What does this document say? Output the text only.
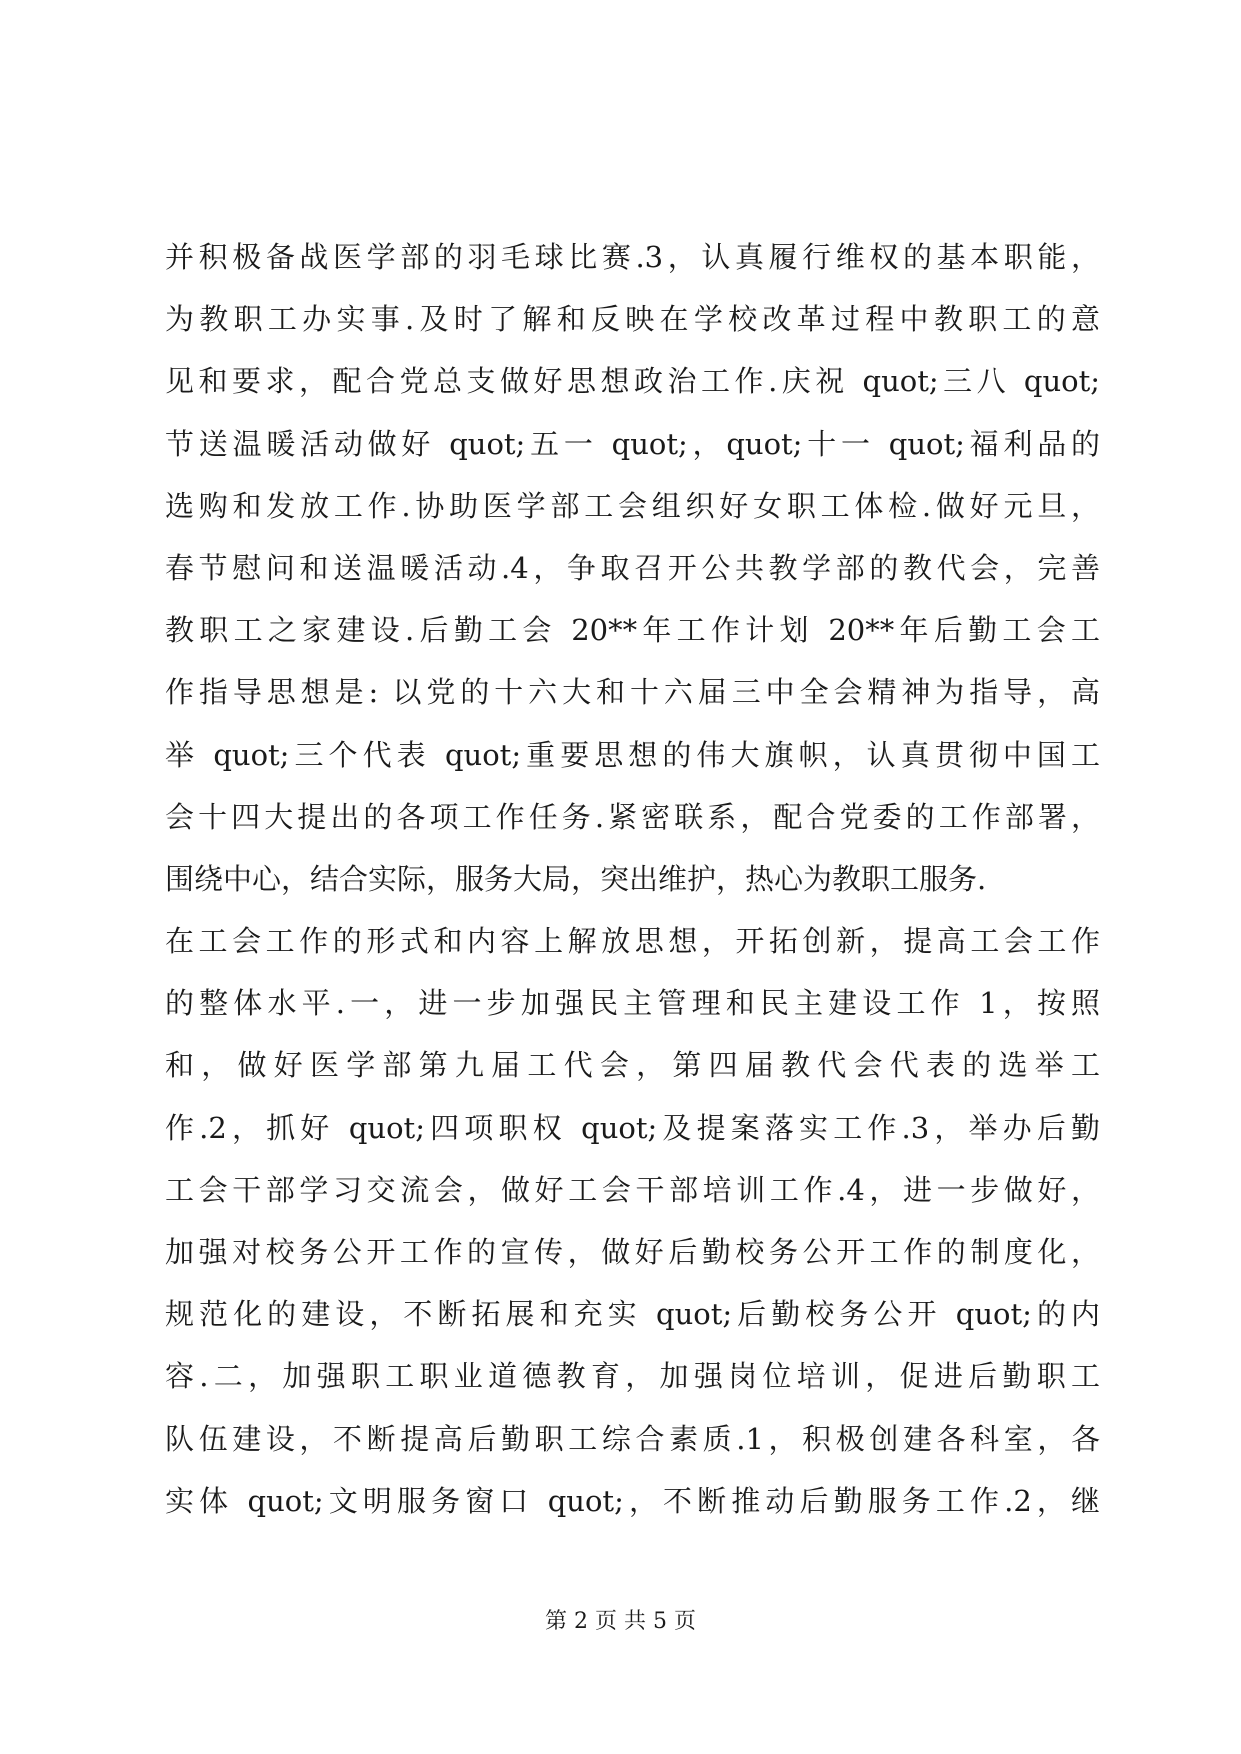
并积极备战医学部的羽毛球比赛.3，认真履行维权的基本职能，
为教职工办实事.及时了解和反映在学校改革过程中教职工的意
见和要求，配合党总支做好思想政治工作.庆祝 quot;三八 quot;
节送温暖活动做好 quot;五一 quot;，quot;十一 quot;福利品的
选购和发放工作.协助医学部工会组织好女职工体检.做好元旦，
春节慰问和送温暖活动.4，争取召开公共教学部的教代会，完善
教职工之家建设.后勤工会 20**年工作计划 20**年后勤工会工
作指导思想是: 以党的十六大和十六届三中全会精神为指导，高
举 quot;三个代表 quot;重要思想的伟大旗帜，认真贯彻中国工
会十四大提出的各项工作任务.紧密联系，配合党委的工作部署，
围绕中心，结合实际，服务大局，突出维护，热心为教职工服务.
在工会工作的形式和内容上解放思想，开拓创新，提高工会工作
的整体水平.一，进一步加强民主管理和民主建设工作 1，按照
和，做好医学部第九届工代会，第四届教代会代表的选举工
作.2，抓好 quot;四项职权 quot;及提案落实工作.3，举办后勤
工会干部学习交流会，做好工会干部培训工作.4，进一步做好，
加强对校务公开工作的宣传，做好后勤校务公开工作的制度化，
规范化的建设，不断拓展和充实 quot;后勤校务公开 quot;的内
容.二，加强职工职业道德教育，加强岗位培训，促进后勤职工
队伍建设，不断提高后勤职工综合素质.1，积极创建各科室，各
实体 quot;文明服务窗口 quot;，不断推动后勤服务工作.2，继
第 2 页 共 5 页
